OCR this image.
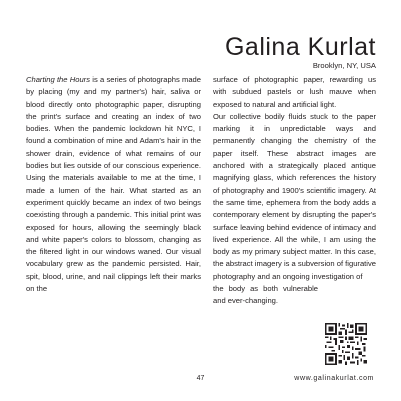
Galina Kurlat
Brooklyn, NY, USA

Charting the Hours is a series of photographs made by placing (my and my partner's) hair, saliva or blood directly onto photographic paper, disrupting the print's surface and creating an index of two bodies. When the pandemic lockdown hit NYC, I found a combination of mine and Adam's hair in the shower drain, evidence of what remains of our bodies but lies outside of our conscious experience. Using the materials available to me at the time, I made a lumen of the hair. What started as an experiment quickly became an index of two beings coexisting through a pandemic. This initial print was exposed for hours, allowing the seemingly black and white paper's colors to blossom, changing as the filtered light in our windows waned. Our visual vocabulary grew as the pandemic persisted. Hair, spit, blood, urine, and nail clippings left their marks on the

surface of photographic paper, rewarding us with subdued pastels or lush mauve when exposed to natural and artificial light.

Our collective bodily fluids stuck to the paper marking it in unpredictable ways and permanently changing the chemistry of the paper itself. These abstract images are anchored with a strategically placed antique magnifying glass, which references the history of photography and 1900's scientific imagery. At the same time, ephemera from the body adds a contemporary element by disrupting the paper's surface leaving behind evidence of intimacy and lived experience. All the while, I am using the body as my primary subject matter. In this case, the abstract imagery is a subversion of figurative photography and an ongoing investigation of

the body as both vulnerable and ever-changing.

47	www.galinakurlat.com
